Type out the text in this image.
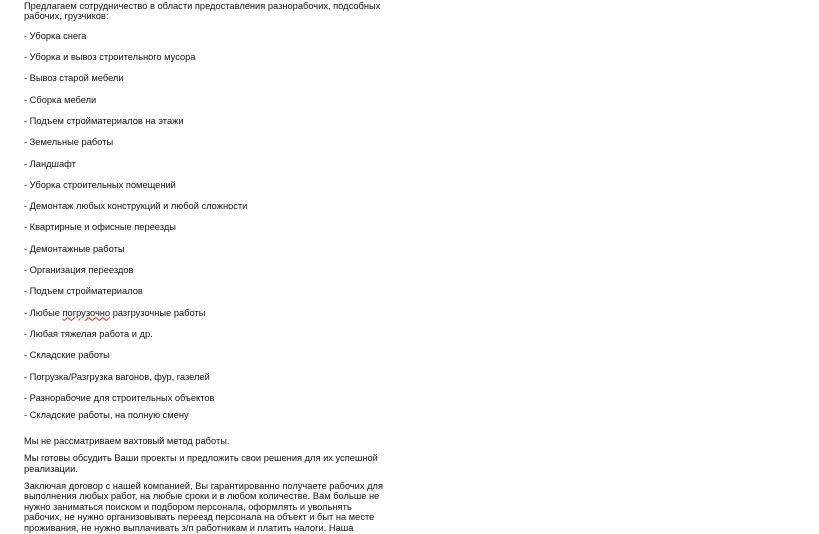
Предлагаем сотрудничество в области предоставления разнорабочих, подсобных рабочих, грузчиков:

- Уборка снега
- Уборка и вывоз строительного мусора
- Вывоз старой мебели
- Сборка мебели
- Подъем стройматериалов на этажи
- Земельные работы
- Ландшафт
- Уборка строительных помещений
- Демонтаж любых конструкций и любой сложности
- Квартирные и офисные переезды
- Демонтажные работы
- Организация переездов
- Подъем стройматериалов
- Любые погрузочно разгрузочные работы
- Любая тяжелая работа и др.
- Складские работы
- Погрузка/Разгрузка вагонов, фур, газелей
- Разнорабочие для строительных объектов
- Складские работы, на полную смену

Мы не рассматриваем вахтовый метод работы.

Мы готовы обсудить Ваши проекты и предложить свои решения для их успешной реализации.

Заключая договор с нашей компанией, Вы гарантированно получаете рабочих для выполнения любых работ, на любые сроки и в любом количестве. Вам больше не нужно заниматься поиском и подбором персонала, оформлять и увольнять рабочих, не нужно организовывать переезд персонала на объект и быт на месте проживания, не нужно выплачивать з/п работникам и платить налоги. Наша
